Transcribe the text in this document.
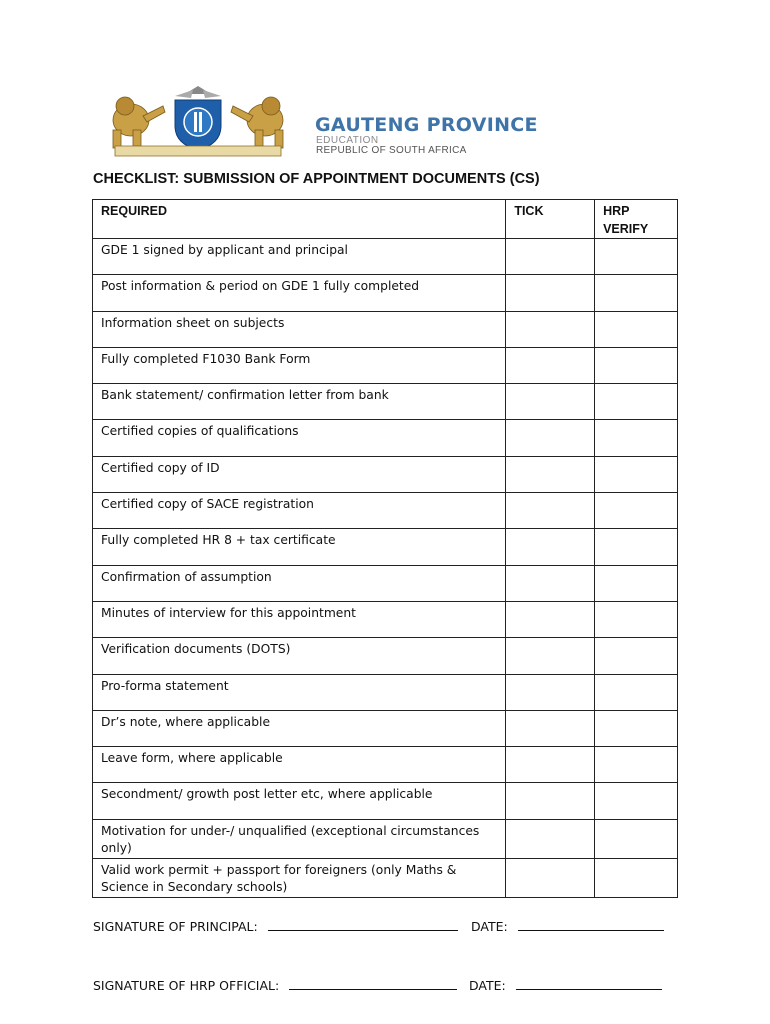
GAUTENG PROVINCE
EDUCATION
REPUBLIC OF SOUTH AFRICA
CHECKLIST: SUBMISSION OF APPOINTMENT DOCUMENTS (CS)
REQUIRED	TICK	HRP VERIFY
GDE 1 signed by applicant and principal		
Post information & period on GDE 1 fully completed		
Information sheet on subjects		
Fully completed F1030 Bank Form		
Bank statement/ confirmation letter from bank		
Certified copies of qualifications		
Certified copy of ID		
Certified copy of SACE registration		
Fully completed HR 8 + tax certificate		
Confirmation of assumption		
Minutes of interview for this appointment		
Verification documents (DOTS)		
Pro-forma statement		
Dr’s note, where applicable		
Leave form, where applicable		
Secondment/ growth post letter etc, where applicable		
Motivation for under-/ unqualified (exceptional circumstances only)		
Valid work permit + passport for foreigners (only Maths & Science in Secondary schools)		
SIGNATURE OF PRINCIPAL:	DATE:
SIGNATURE OF HRP OFFICIAL:	DATE:
